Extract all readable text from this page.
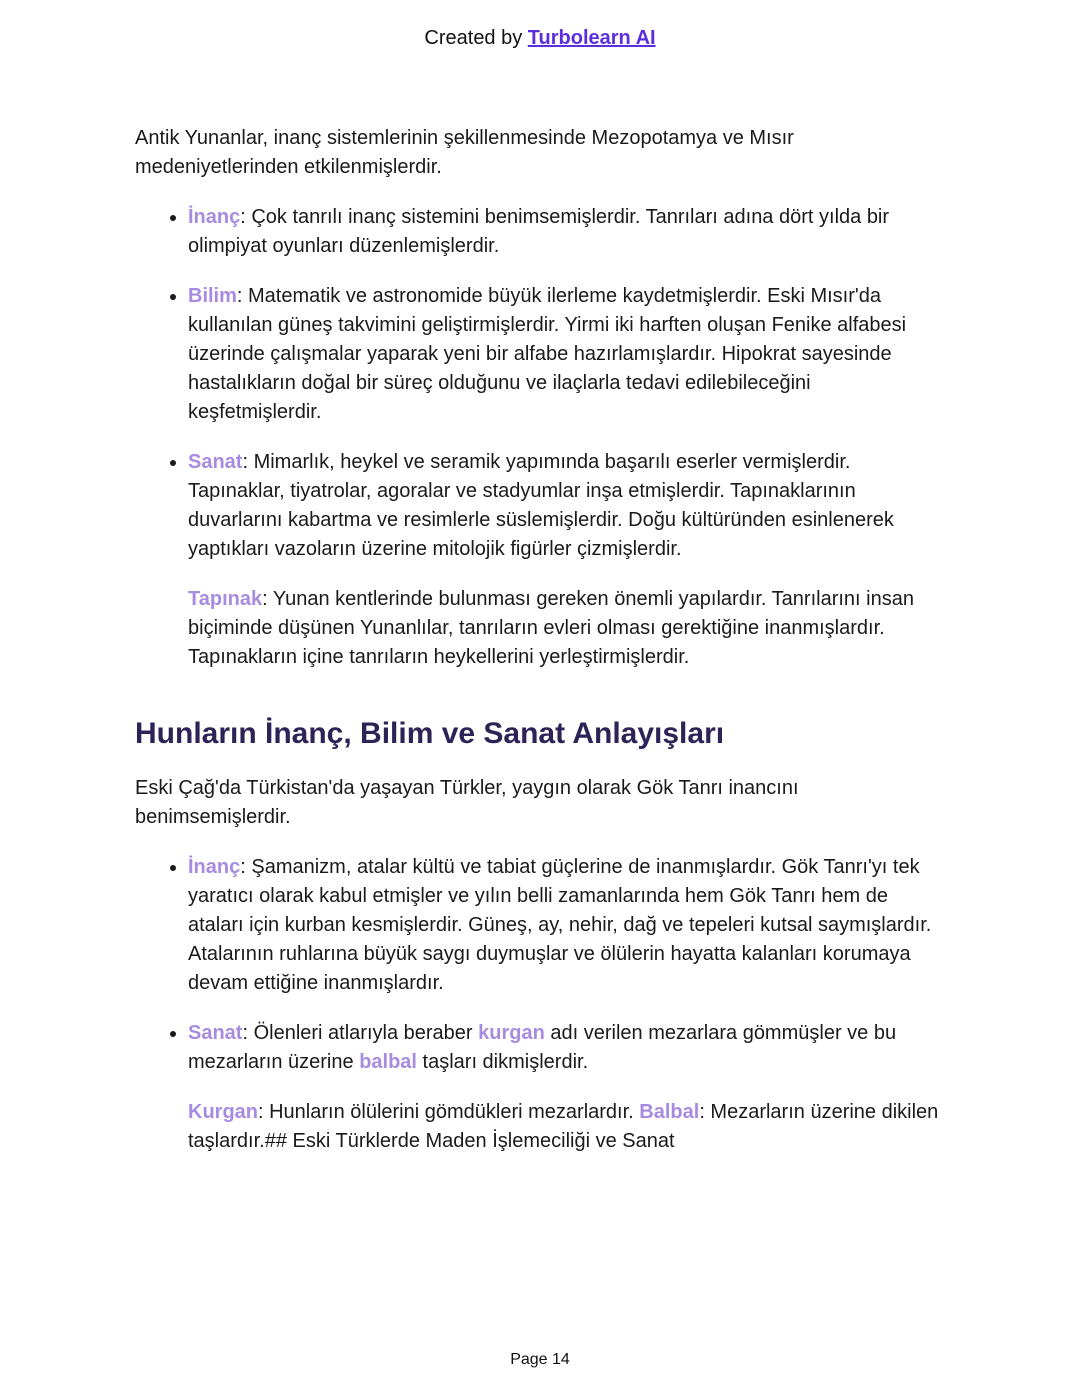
Created by Turbolearn AI

Antik Yunanlar, inanç sistemlerinin şekillenmesinde Mezopotamya ve Mısır medeniyetlerinden etkilenmişlerdir.

• İnanç: Çok tanrılı inanç sistemini benimsemişlerdir. Tanrıları adına dört yılda bir olimpiyat oyunları düzenlemişlerdir.
• Bilim: Matematik ve astronomide büyük ilerleme kaydetmişlerdir. Eski Mısır'da kullanılan güneş takvimini geliştirmişlerdir. Yirmi iki harften oluşan Fenike alfabesi üzerinde çalışmalar yaparak yeni bir alfabe hazırlamışlardır. Hipokrat sayesinde hastalıkların doğal bir süreç olduğunu ve ilaçlarla tedavi edilebileceğini keşfetmişlerdir.
• Sanat: Mimarlık, heykel ve seramik yapımında başarılı eserler vermişlerdir. Tapınaklar, tiyatrolar, agoralar ve stadyumlar inşa etmişlerdir. Tapınaklarının duvarlarını kabartma ve resimlerle süslemişlerdir. Doğu kültüründen esinlenerek yaptıkları vazoların üzerine mitolojik figürler çizmişlerdir.

Tapınak: Yunan kentlerinde bulunması gereken önemli yapılardır. Tanrılarını insan biçiminde düşünen Yunanlılar, tanrıların evleri olması gerektiğine inanmışlardır. Tapınakların içine tanrıların heykellerini yerleştirmişlerdir.

Hunların İnanç, Bilim ve Sanat Anlayışları

Eski Çağ'da Türkistan'da yaşayan Türkler, yaygın olarak Gök Tanrı inancını benimsemişlerdir.

• İnanç: Şamanizm, atalar kültü ve tabiat güçlerine de inanmışlardır. Gök Tanrı'yı tek yaratıcı olarak kabul etmişler ve yılın belli zamanlarında hem Gök Tanrı hem de ataları için kurban kesmişlerdir. Güneş, ay, nehir, dağ ve tepeleri kutsal saymışlardır. Atalarının ruhlarına büyük saygı duymuşlar ve ölülerin hayatta kalanları korumaya devam ettiğine inanmışlardır.
• Sanat: Ölenleri atlarıyla beraber kurgan adı verilen mezarlara gömmüşler ve bu mezarların üzerine balbal taşları dikmişlerdir.

Kurgan: Hunların ölülerini gömdükleri mezarlardır. Balbal: Mezarların üzerine dikilen taşlardır.## Eski Türklerde Maden İşlemeciliği ve Sanat

Page 14
